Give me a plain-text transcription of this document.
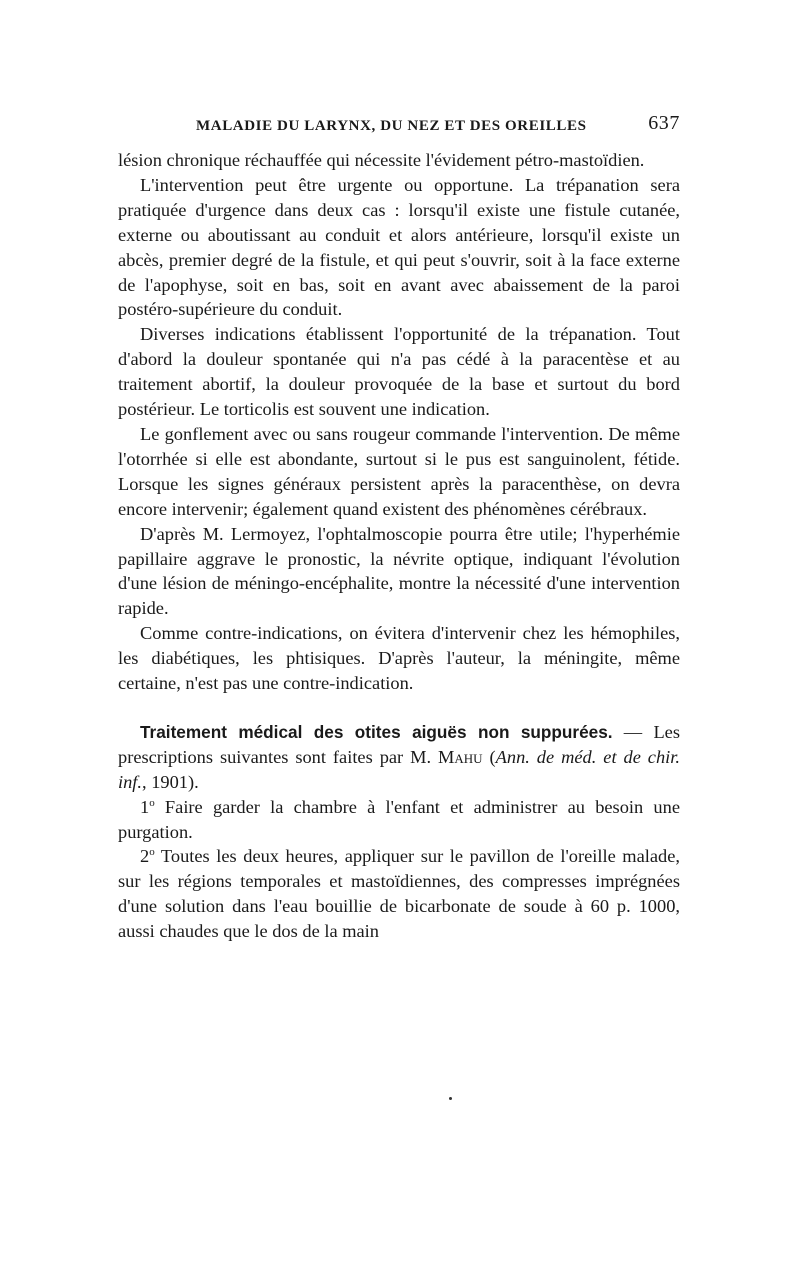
MALADIE DU LARYNX, DU NEZ ET DES OREILLES	637

lésion chronique réchauffée qui nécessite l'évidement pétro-mastoïdien.

L'intervention peut être urgente ou opportune. La trépanation sera pratiquée d'urgence dans deux cas : lorsqu'il existe une fistule cutanée, externe ou aboutissant au conduit et alors antérieure, lorsqu'il existe un abcès, premier degré de la fistule, et qui peut s'ouvrir, soit à la face externe de l'apophyse, soit en bas, soit en avant avec abaissement de la paroi postéro-supérieure du conduit.

Diverses indications établissent l'opportunité de la trépanation. Tout d'abord la douleur spontanée qui n'a pas cédé à la paracentèse et au traitement abortif, la douleur provoquée de la base et surtout du bord postérieur. Le torticolis est souvent une indication.

Le gonflement avec ou sans rougeur commande l'intervention. De même l'otorrhée si elle est abondante, surtout si le pus est sanguinolent, fétide. Lorsque les signes généraux persistent après la paracenthèse, on devra encore intervenir; également quand existent des phénomènes cérébraux.

D'après M. Lermoyez, l'ophtalmoscopie pourra être utile; l'hyperhémie papillaire aggrave le pronostic, la névrite optique, indiquant l'évolution d'une lésion de méningo-encéphalite, montre la nécessité d'une intervention rapide.

Comme contre-indications, on évitera d'intervenir chez les hémophiles, les diabétiques, les phtisiques. D'après l'auteur, la méningite, même certaine, n'est pas une contre-indication.

Traitement médical des otites aiguës non suppurées. — Les prescriptions suivantes sont faites par M. Mahu (Ann. de méd. et de chir. inf., 1901).

1$^o$ Faire garder la chambre à l'enfant et administrer au besoin une purgation.

2$^o$ Toutes les deux heures, appliquer sur le pavillon de l'oreille malade, sur les régions temporales et mastoïdiennes, des compresses imprégnées d'une solution dans l'eau bouillie de bicarbonate de soude à 60 p. 1000, aussi chaudes que le dos de la main
